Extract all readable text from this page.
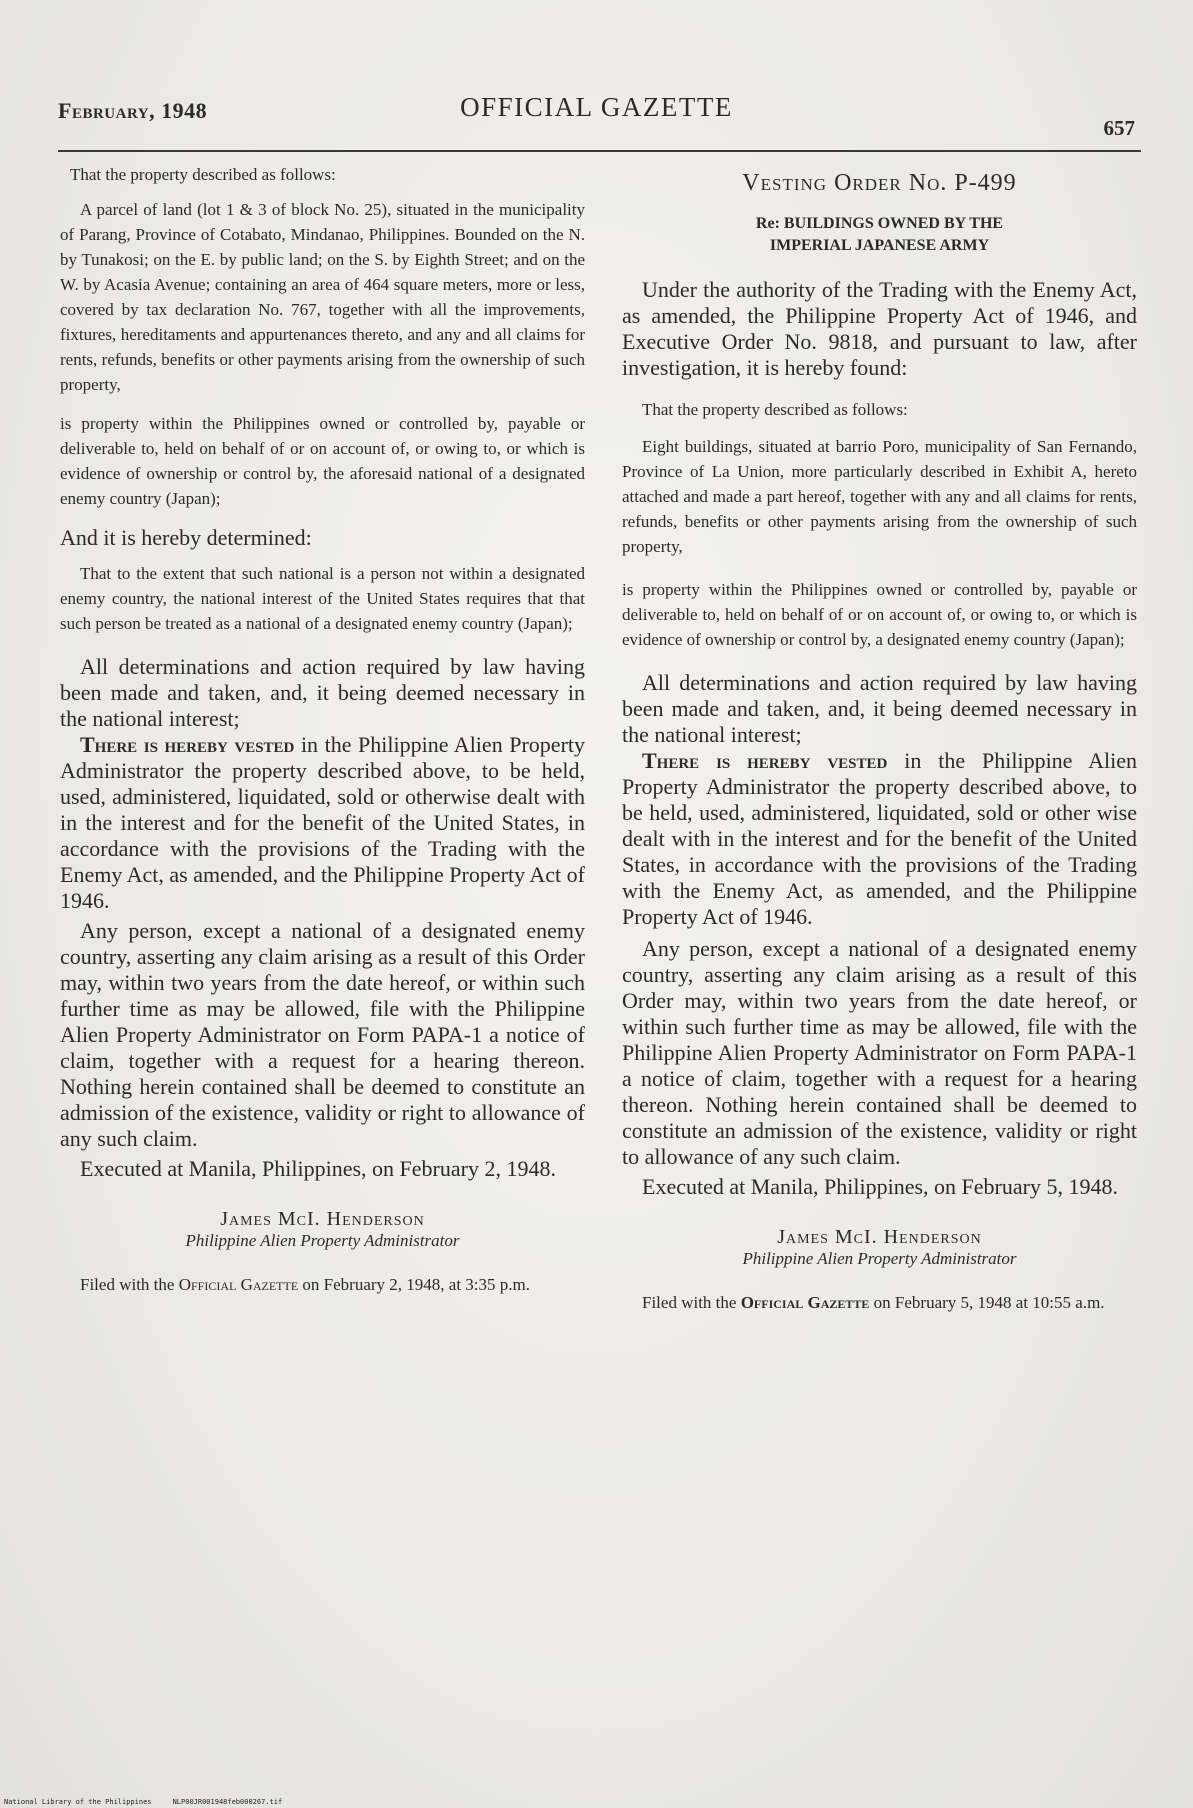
February, 1948	OFFICIAL GAZETTE
657

That the property described as follows:

A parcel of land (lot 1 & 3 of block No. 25), situated in the municipality of Parang, Province of Cotabato, Mindanao, Philippines. Bounded on the N. by Tunakosi; on the E. by public land; on the S. by Eighth Street; and on the W. by Acasia Avenue; containing an area of 464 square meters, more or less, covered by tax declaration No. 767, together with all the improvements, fixtures, hereditaments and appurtenances thereto, and any and all claims for rents, refunds, benefits or other payments arising from the ownership of such property,

is property within the Philippines owned or controlled by, payable or deliverable to, held on behalf of or on account of, or owing to, or which is evidence of ownership or control by, the aforesaid national of a designated enemy country (Japan);

And it is hereby determined:

That to the extent that such national is a person not within a designated enemy country, the national interest of the United States requires that that such person be treated as a national of a designated enemy country (Japan);

All determinations and action required by law having been made and taken, and, it being deemed necessary in the national interest;

There is hereby vested in the Philippine Alien Property Administrator the property described above, to be held, used, administered, liquidated, sold or otherwise dealt with in the interest and for the benefit of the United States, in accordance with the provisions of the Trading with the Enemy Act, as amended, and the Philippine Property Act of 1946.

Any person, except a national of a designated enemy country, asserting any claim arising as a result of this Order may, within two years from the date hereof, or within such further time as may be allowed, file with the Philippine Alien Property Administrator on Form PAPA-1 a notice of claim, together with a request for a hearing thereon. Nothing herein contained shall be deemed to constitute an admission of the existence, validity or right to allowance of any such claim.

Executed at Manila, Philippines, on February 2, 1948.

James McI. Henderson
Philippine Alien Property Administrator

Filed with the Official Gazette on February 2, 1948, at 3:35 p.m.

Vesting Order No. P-499
Re: BUILDINGS OWNED BY THE
IMPERIAL JAPANESE ARMY

Under the authority of the Trading with the Enemy Act, as amended, the Philippine Property Act of 1946, and Executive Order No. 9818, and pursuant to law, after investigation, it is hereby found:

That the property described as follows:

Eight buildings, situated at barrio Poro, municipality of San Fernando, Province of La Union, more particularly described in Exhibit A, hereto attached and made a part hereof, together with any and all claims for rents, refunds, benefits or other payments arising from the ownership of such property,

is property within the Philippines owned or controlled by, payable or deliverable to, held on behalf of or on account of, or owing to, or which is evidence of ownership or control by, a designated enemy country (Japan);

All determinations and action required by law having been made and taken, and, it being deemed necessary in the national interest;

There is hereby vested in the Philippine Alien Property Administrator the property described above, to be held, used, administered, liquidated, sold or other wise dealt with in the interest and for the benefit of the United States, in accordance with the provisions of the Trading with the Enemy Act, as amended, and the Philippine Property Act of 1946.

Any person, except a national of a designated enemy country, asserting any claim arising as a result of this Order may, within two years from the date hereof, or within such further time as may be allowed, file with the Philippine Alien Property Administrator on Form PAPA-1 a notice of claim, together with a request for a hearing thereon. Nothing herein contained shall be deemed to constitute an admission of the existence, validity or right to allowance of any such claim.

Executed at Manila, Philippines, on February 5, 1948.

James McI. Henderson
Philippine Alien Property Administrator

Filed with the Official Gazette on February 5, 1948 at 10:55 a.m.

National Library of the Philippines	NLP00JR001948feb000267.tif
